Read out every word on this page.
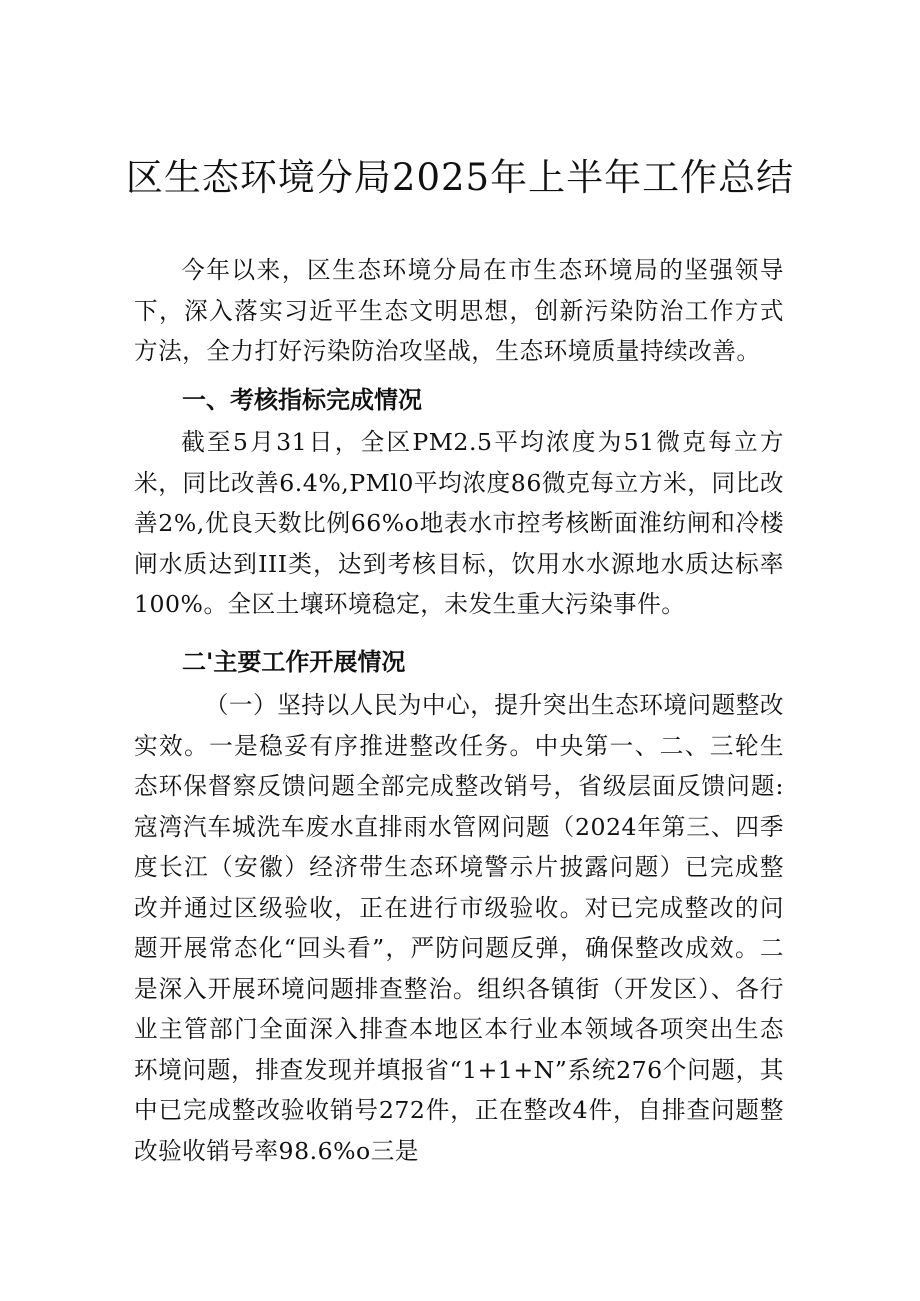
区生态环境分局2025年上半年工作总结

今年以来，区生态环境分局在市生态环境局的坚强领导下，深入落实习近平生态文明思想，创新污染防治工作方式方法，全力打好污染防治攻坚战，生态环境质量持续改善。

一、考核指标完成情况

截至5月31日，全区PM2.5平均浓度为51微克每立方米，同比改善6.4%,PMl0平均浓度86微克每立方米，同比改善2%,优良天数比例66%o地表水市控考核断面淮纺闸和冷楼闸水质达到III类，达到考核目标，饮用水水源地水质达标率100%。全区土壤环境稳定，未发生重大污染事件。

二'主要工作开展情况

（一）坚持以人民为中心，提升突出生态环境问题整改实效。一是稳妥有序推进整改任务。中央第一、二、三轮生态环保督察反馈问题全部完成整改销号，省级层面反馈问题:寇湾汽车城洗车废水直排雨水管网问题（2024年第三、四季度长江（安徽）经济带生态环境警示片披露问题）已完成整改并通过区级验收，正在进行市级验收。对已完成整改的问题开展常态化“回头看”，严防问题反弹，确保整改成效。二是深入开展环境问题排查整治。组织各镇街（开发区）、各行业主管部门全面深入排查本地区本行业本领域各项突出生态环境问题，排查发现并填报省“1+1+N”系统276个问题，其中已完成整改验收销号272件，正在整改4件，自排查问题整改验收销号率98.6%o三是
